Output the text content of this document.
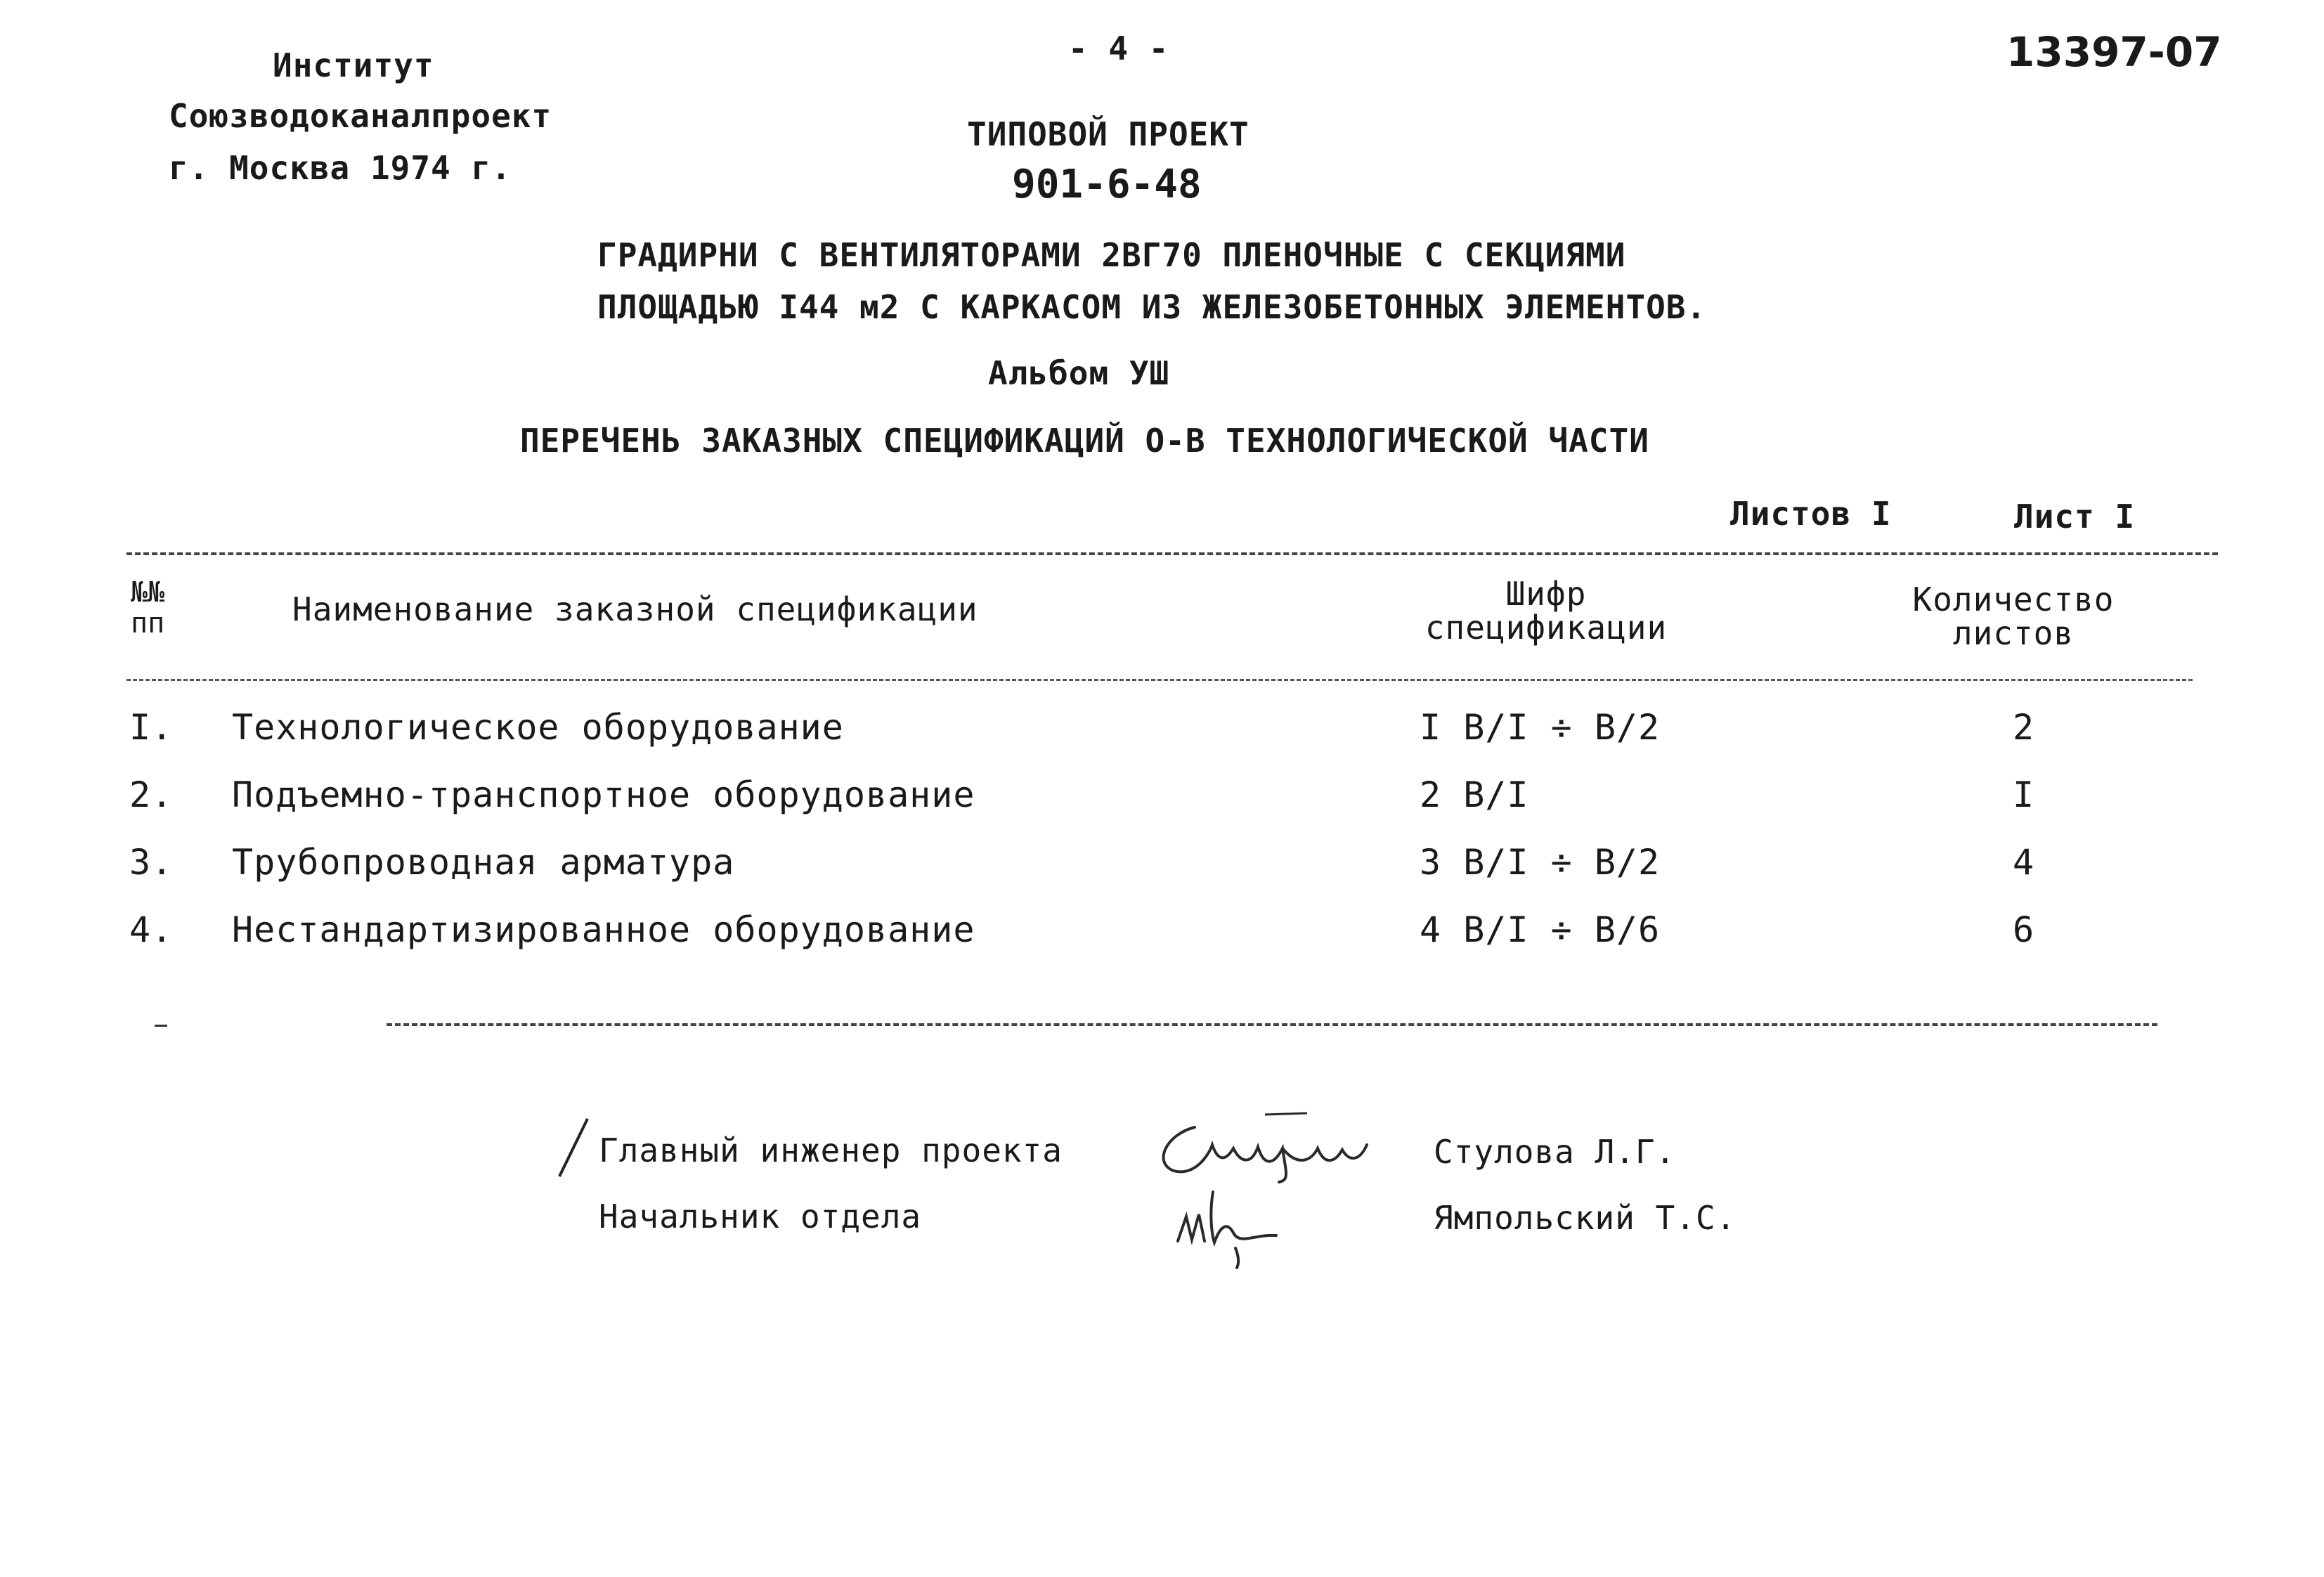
Институт
Союзводоканалпроект
г. Москва 1974 г.
- 4 -	13397-07
ТИПОВОЙ ПРОЕКТ
901-6-48
ГРАДИРНИ С ВЕНТИЛЯТОРАМИ 2ВГ70 ПЛЕНОЧНЫЕ С СЕКЦИЯМИ
ПЛОЩАДЬЮ I44 м2 С КАРКАСОМ ИЗ ЖЕЛЕЗОБЕТОННЫХ ЭЛЕМЕНТОВ.
Альбом УШ
ПЕРЕЧЕНЬ ЗАКАЗНЫХ СПЕЦИФИКАЦИЙ О-В ТЕХНОЛОГИЧЕСКОЙ ЧАСТИ
Листов I	Лист I
№№
пп	Наименование заказной спецификации	Шифр
спецификации
Количество
листов
I. Технологическое оборудование	I В/I ÷ В/2	2
2. Подъемно-транспортное оборудование	2 В/I	I
3. Трубопроводная арматура	3 В/I ÷ В/2	4
4. Нестандартизированное оборудование	4 В/I ÷ В/6	6
Главный инженер проекта
Начальник отдела
Стулова Л.Г.
Ямпольский Т.С.
